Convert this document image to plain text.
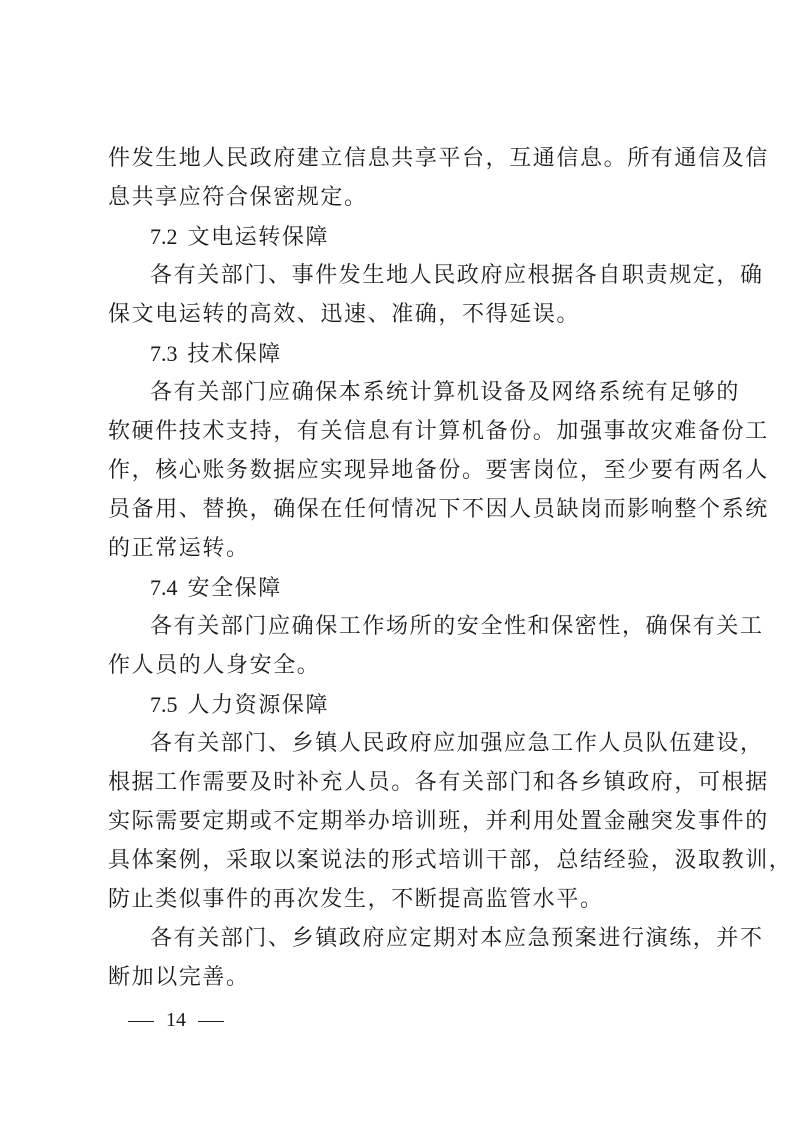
件发生地人民政府建立信息共享平台，互通信息。所有通信及信
息共享应符合保密规定。
7.2 文电运转保障
各有关部门、事件发生地人民政府应根据各自职责规定，确
保文电运转的高效、迅速、准确，不得延误。
7.3 技术保障
各有关部门应确保本系统计算机设备及网络系统有足够的
软硬件技术支持，有关信息有计算机备份。加强事故灾难备份工
作，核心账务数据应实现异地备份。要害岗位，至少要有两名人
员备用、替换，确保在任何情况下不因人员缺岗而影响整个系统
的正常运转。
7.4 安全保障
各有关部门应确保工作场所的安全性和保密性，确保有关工
作人员的人身安全。
7.5 人力资源保障
各有关部门、乡镇人民政府应加强应急工作人员队伍建设，
根据工作需要及时补充人员。各有关部门和各乡镇政府，可根据
实际需要定期或不定期举办培训班，并利用处置金融突发事件的
具体案例，采取以案说法的形式培训干部，总结经验，汲取教训，
防止类似事件的再次发生，不断提高监管水平。
各有关部门、乡镇政府应定期对本应急预案进行演练，并不
断加以完善。
14
